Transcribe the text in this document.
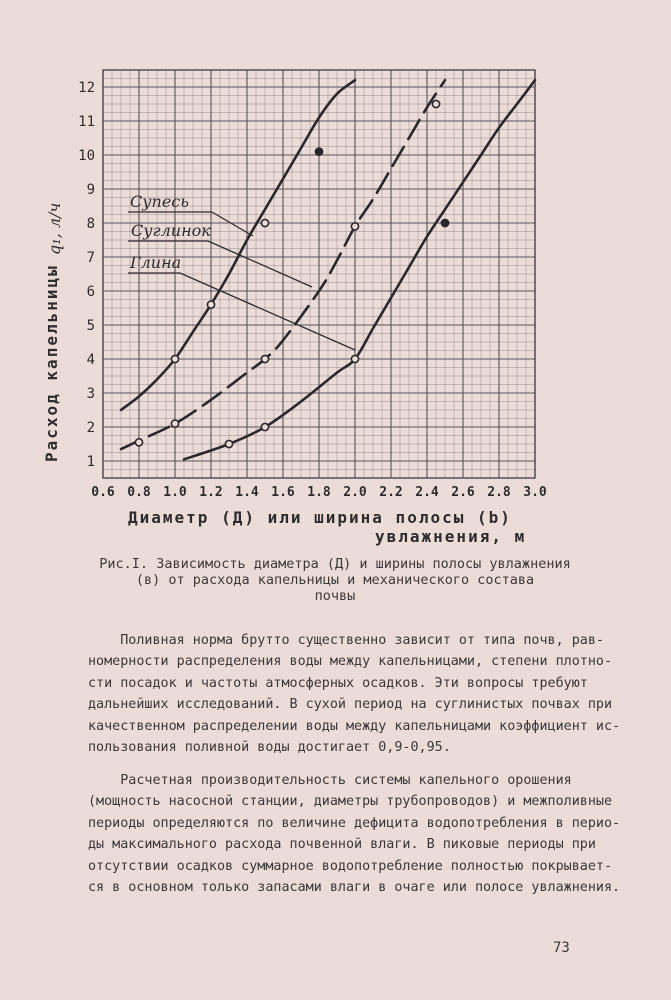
0.6 0.8 1.0 1.2 1.4 1.6 1.8 2.0 2.2 2.4 2.6 2.8 3.0
1
2
3
4
5
6
7
8
9
10
11
12
Расход капельницы
q₁, л/ч
Диаметр (Д) или ширина полосы (b)
увлажнения, м
Супесь
Суглинок
Глина
Рис.I. Зависимость диаметра (Д) и ширины полосы увлажнения
(в) от расхода капельницы и механического состава
почвы
Поливная норма брутто существенно зависит от типа почв, рав-
номерности распределения воды между капельницами, степени плотно-
сти посадок и частоты атмосферных осадков. Эти вопросы требуют
дальнейших исследований. В сухой период на суглинистых почвах при
качественном распределении воды между капельницами коэффициент ис-
пользования поливной воды достигает 0,9-0,95.
Расчетная производительность системы капельного орошения
(мощность насосной станции, диаметры трубопроводов) и межполивные
периоды определяются по величине дефицита водопотребления в перио-
ды максимального расхода почвенной влаги. В пиковые периоды при
отсутствии осадков суммарное водопотребление полностью покрывает-
ся в основном только запасами влаги в очаге или полосе увлажнения.
73
